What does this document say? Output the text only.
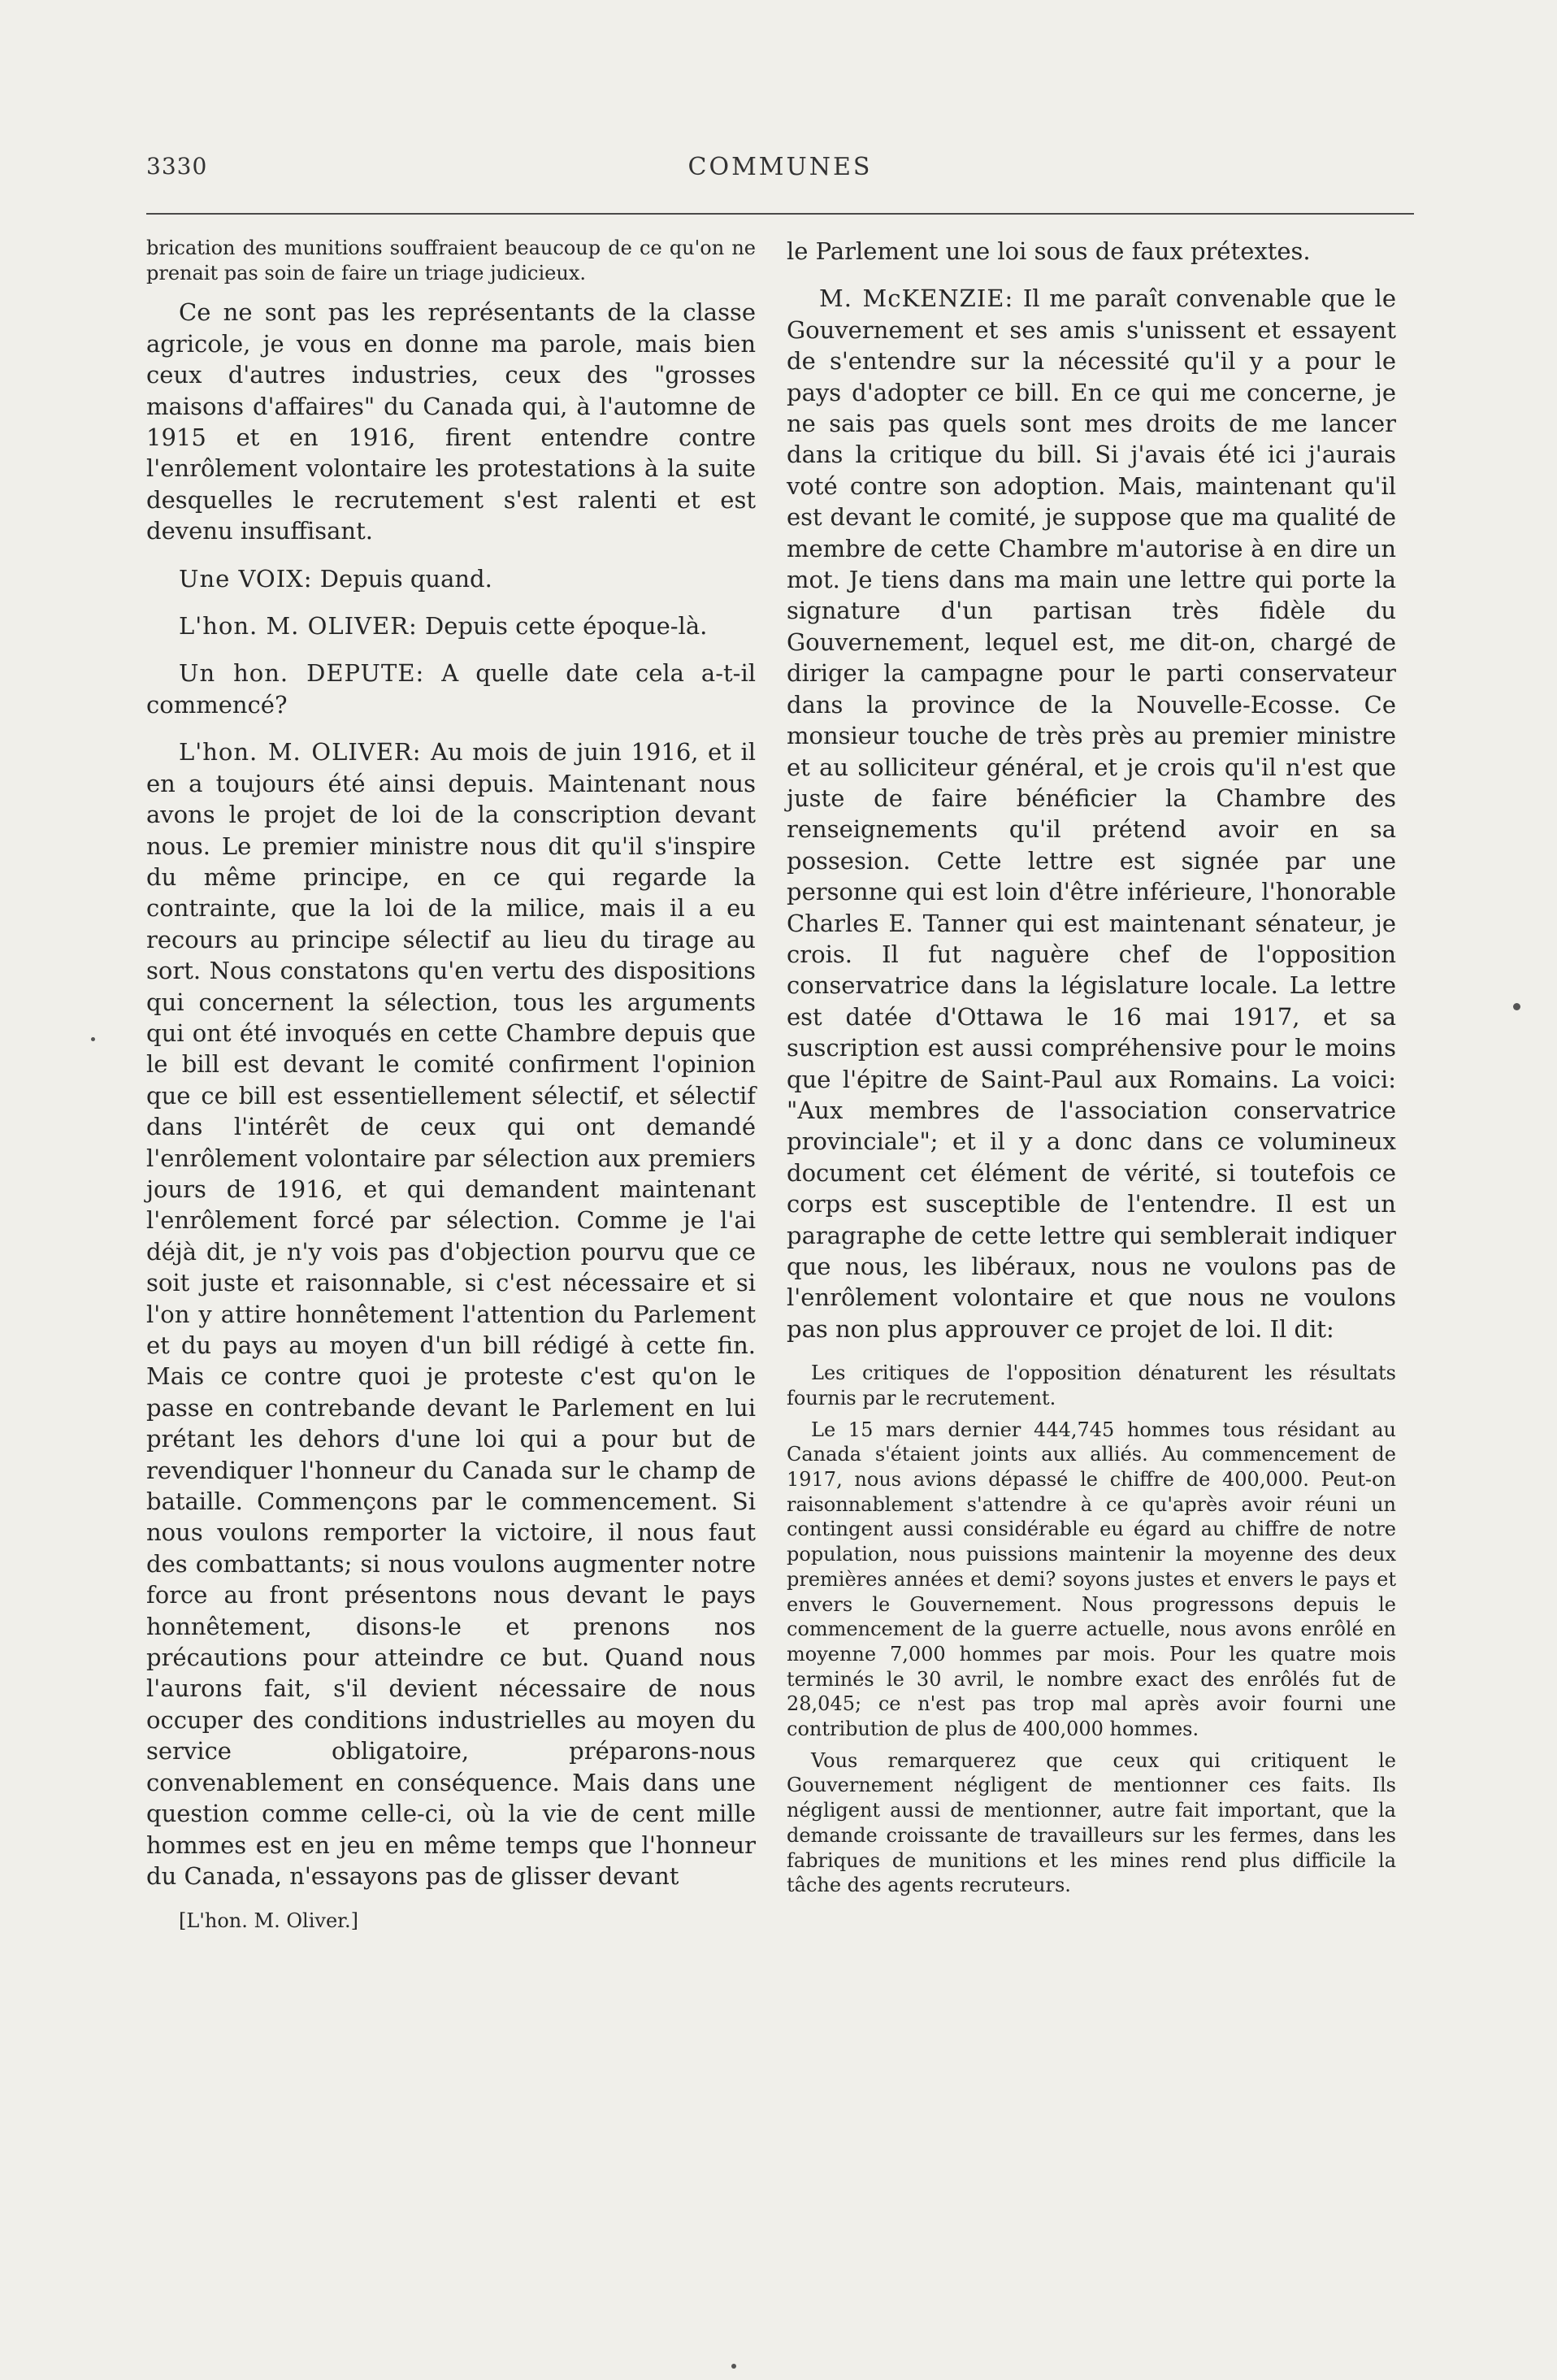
3330	COMMUNES

brication des munitions souffraient beaucoup de ce qu'on ne prenait pas soin de faire un triage judicieux.

Ce ne sont pas les représentants de la classe agricole, je vous en donne ma parole, mais bien ceux d'autres industries, ceux des "grosses maisons d'affaires" du Canada qui, à l'automne de 1915 et en 1916, firent entendre contre l'enrôlement volontaire les protestations à la suite desquelles le recrutement s'est ralenti et est devenu insuffisant.

Une VOIX: Depuis quand.

L'hon. M. OLIVER: Depuis cette époque-là.

Un hon. DEPUTE: A quelle date cela a-t-il commencé?

L'hon. M. OLIVER: Au mois de juin 1916, et il en a toujours été ainsi depuis. Maintenant nous avons le projet de loi de la conscription devant nous. Le premier ministre nous dit qu'il s'inspire du même principe, en ce qui regarde la contrainte, que la loi de la milice, mais il a eu recours au principe sélectif au lieu du tirage au sort. Nous constatons qu'en vertu des dispositions qui concernent la sélection, tous les arguments qui ont été invoqués en cette Chambre depuis que le bill est devant le comité confirment l'opinion que ce bill est essentiellement sélectif, et sélectif dans l'intérêt de ceux qui ont demandé l'enrôlement volontaire par sélection aux premiers jours de 1916, et qui demandent maintenant l'enrôlement forcé par sélection. Comme je l'ai déjà dit, je n'y vois pas d'objection pourvu que ce soit juste et raisonnable, si c'est nécessaire et si l'on y attire honnêtement l'attention du Parlement et du pays au moyen d'un bill rédigé à cette fin. Mais ce contre quoi je proteste c'est qu'on le passe en contrebande devant le Parlement en lui prétant les dehors d'une loi qui a pour but de revendiquer l'honneur du Canada sur le champ de bataille. Commençons par le commencement. Si nous voulons remporter la victoire, il nous faut des combattants; si nous voulons augmenter notre force au front présentons nous devant le pays honnêtement, disons-le et prenons nos précautions pour atteindre ce but. Quand nous l'aurons fait, s'il devient nécessaire de nous occuper des conditions industrielles au moyen du service obligatoire, préparons-nous convenablement en conséquence. Mais dans une question comme celle-ci, où la vie de cent mille hommes est en jeu en même temps que l'honneur du Canada, n'essayons pas de glisser devant

[L'hon. M. Oliver.]

le Parlement une loi sous de faux prétextes.

M. McKENZIE: Il me paraît convenable que le Gouvernement et ses amis s'unissent et essayent de s'entendre sur la nécessité qu'il y a pour le pays d'adopter ce bill. En ce qui me concerne, je ne sais pas quels sont mes droits de me lancer dans la critique du bill. Si j'avais été ici j'aurais voté contre son adoption. Mais, maintenant qu'il est devant le comité, je suppose que ma qualité de membre de cette Chambre m'autorise à en dire un mot. Je tiens dans ma main une lettre qui porte la signature d'un partisan très fidèle du Gouvernement, lequel est, me dit-on, chargé de diriger la campagne pour le parti conservateur dans la province de la Nouvelle-Ecosse. Ce monsieur touche de très près au premier ministre et au solliciteur général, et je crois qu'il n'est que juste de faire bénéficier la Chambre des renseignements qu'il prétend avoir en sa possesion. Cette lettre est signée par une personne qui est loin d'être inférieure, l'honorable Charles E. Tanner qui est maintenant sénateur, je crois. Il fut naguère chef de l'opposition conservatrice dans la législature locale. La lettre est datée d'Ottawa le 16 mai 1917, et sa suscription est aussi compréhensive pour le moins que l'épitre de Saint-Paul aux Romains. La voici: "Aux membres de l'association conservatrice provinciale"; et il y a donc dans ce volumineux document cet élément de vérité, si toutefois ce corps est susceptible de l'entendre. Il est un paragraphe de cette lettre qui semblerait indiquer que nous, les libéraux, nous ne voulons pas de l'enrôlement volontaire et que nous ne voulons pas non plus approuver ce projet de loi. Il dit:

Les critiques de l'opposition dénaturent les résultats fournis par le recrutement.

Le 15 mars dernier 444,745 hommes tous résidant au Canada s'étaient joints aux alliés. Au commencement de 1917, nous avions dépassé le chiffre de 400,000. Peut-on raisonnablement s'attendre à ce qu'après avoir réuni un contingent aussi considérable eu égard au chiffre de notre population, nous puissions maintenir la moyenne des deux premières années et demi? soyons justes et envers le pays et envers le Gouvernement. Nous progressons depuis le commencement de la guerre actuelle, nous avons enrôlé en moyenne 7,000 hommes par mois. Pour les quatre mois terminés le 30 avril, le nombre exact des enrôlés fut de 28,045; ce n'est pas trop mal après avoir fourni une contribution de plus de 400,000 hommes.

Vous remarquerez que ceux qui critiquent le Gouvernement négligent de mentionner ces faits. Ils négligent aussi de mentionner, autre fait important, que la demande croissante de travailleurs sur les fermes, dans les fabriques de munitions et les mines rend plus difficile la tâche des agents recruteurs.
